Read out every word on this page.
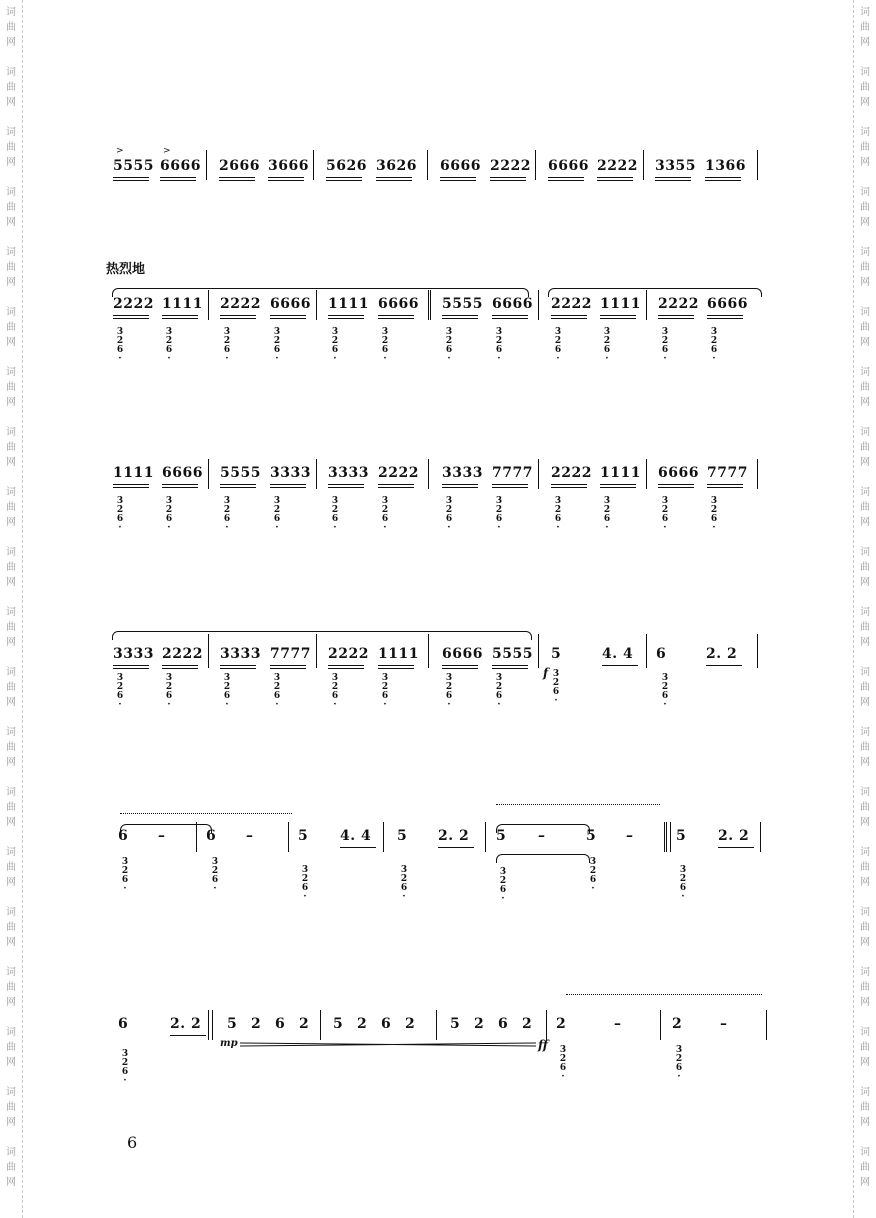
词
曲
网
词
曲
网
词
曲
网
词
曲
网
词
曲
网
词
曲
网
词
曲
网
词
曲
网
词
曲
网
词
曲
网
词
曲
网
词
曲
网
词
曲
网
词
曲
网
词
曲
网
词
曲
网
词
曲
网
词
曲
网
词
曲
网
词
曲
网
词
曲
网
词
曲
网
词
曲
网
词
曲
网
词
曲
网
词
曲
网
词
曲
网
词
曲
网
词
曲
网
词
曲
网
词
曲
网
词
曲
网
词
曲
网
词
曲
网
词
曲
网
词
曲
网
词
曲
网
词
曲
网
词
曲
网
词
曲
网
>	>
5555 6666 2666 3666 5626 3626 6666 2222 6666 2222 3355 1366
热烈地
2222
3
2
6
·
1111
3
2
6
·
2222
3
2
6
·
6666
3
2
6
·
1111
3
2
6
·
6666
3
2
6
·
5555
3
2
6
·
6666
3
2
6
·
2222
3
2
6
·
1111
3
2
6
·
2222
3
2
6
·
6666
3
2
6
·
1111
3
2
6
·
6666
3
2
6
·
5555
3
2
6
·
3333
3
2
6
·
3333
3
2
6
·
2222
3
2
6
·
3333
3
2
6
·
7777
3
2
6
·
2222
3
2
6
·
1111
3
2
6
·
6666
3
2
6
·
7777
3
2
6
·
f
3333
3
2
6
·
2222
3
2
6
·
3333
3
2
6
·
7777
3
2
6
·
2222
3
2
6
·
1111
3
2
6
·
6666
3
2
6
·
5555
3
2
6
·
5
3
2
6
·
4. 4 6
3
2
6
·
2. 2
6 –	6 –	5 4. 4 5 2. 2 5 –	5 –	5 2. 2
3
2
6
·
3
2
6
·
3
2
6
·
3
2
6
·
3
2
6
·
3
2
6
·
3
2
6
·
mp	ff
6
3
2
6
·
2. 2 5 2 6 2 5 2 6 2 5 2 6 2 2
3
2
6
·
–	2
3
2
6
·
–
6
